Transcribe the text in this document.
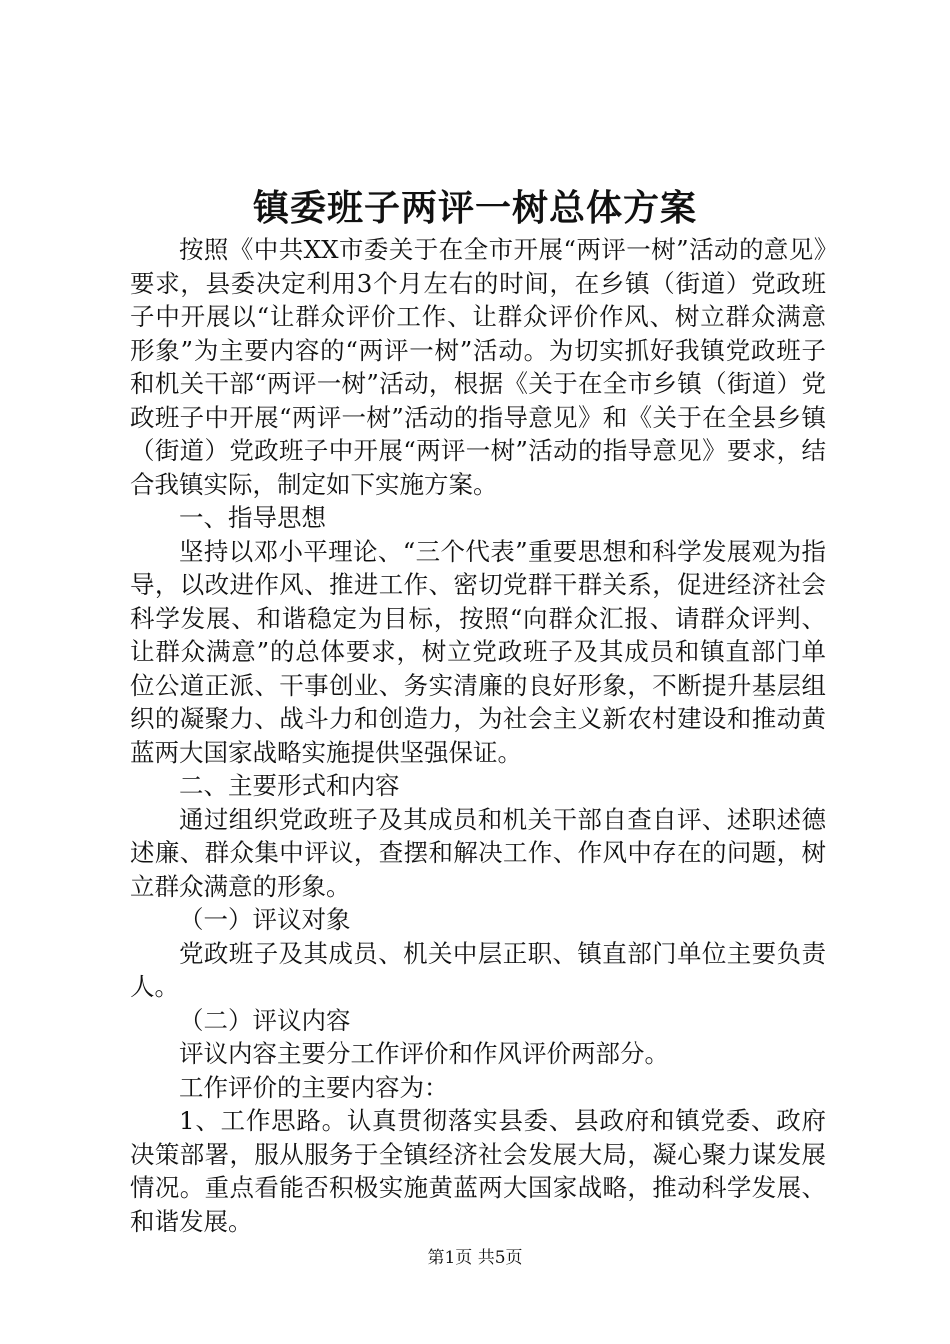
镇委班子两评一树总体方案

按照《中共XX市委关于在全市开展“两评一树”活动的意见》要求，县委决定利用3个月左右的时间，在乡镇（街道）党政班子中开展以“让群众评价工作、让群众评价作风、树立群众满意形象”为主要内容的“两评一树”活动。为切实抓好我镇党政班子和机关干部“两评一树”活动，根据《关于在全市乡镇（街道）党政班子中开展“两评一树”活动的指导意见》和《关于在全县乡镇（街道）党政班子中开展“两评一树”活动的指导意见》要求，结合我镇实际，制定如下实施方案。

一、指导思想

坚持以邓小平理论、“三个代表”重要思想和科学发展观为指导，以改进作风、推进工作、密切党群干群关系，促进经济社会科学发展、和谐稳定为目标，按照“向群众汇报、请群众评判、让群众满意”的总体要求，树立党政班子及其成员和镇直部门单位公道正派、干事创业、务实清廉的良好形象，不断提升基层组织的凝聚力、战斗力和创造力，为社会主义新农村建设和推动黄蓝两大国家战略实施提供坚强保证。

二、主要形式和内容

通过组织党政班子及其成员和机关干部自查自评、述职述德述廉、群众集中评议，查摆和解决工作、作风中存在的问题，树立群众满意的形象。

（一）评议对象

党政班子及其成员、机关中层正职、镇直部门单位主要负责人。

（二）评议内容

评议内容主要分工作评价和作风评价两部分。

工作评价的主要内容为：

1、工作思路。认真贯彻落实县委、县政府和镇党委、政府决策部署，服从服务于全镇经济社会发展大局，凝心聚力谋发展情况。重点看能否积极实施黄蓝两大国家战略，推动科学发展、和谐发展。

第1页 共5页
